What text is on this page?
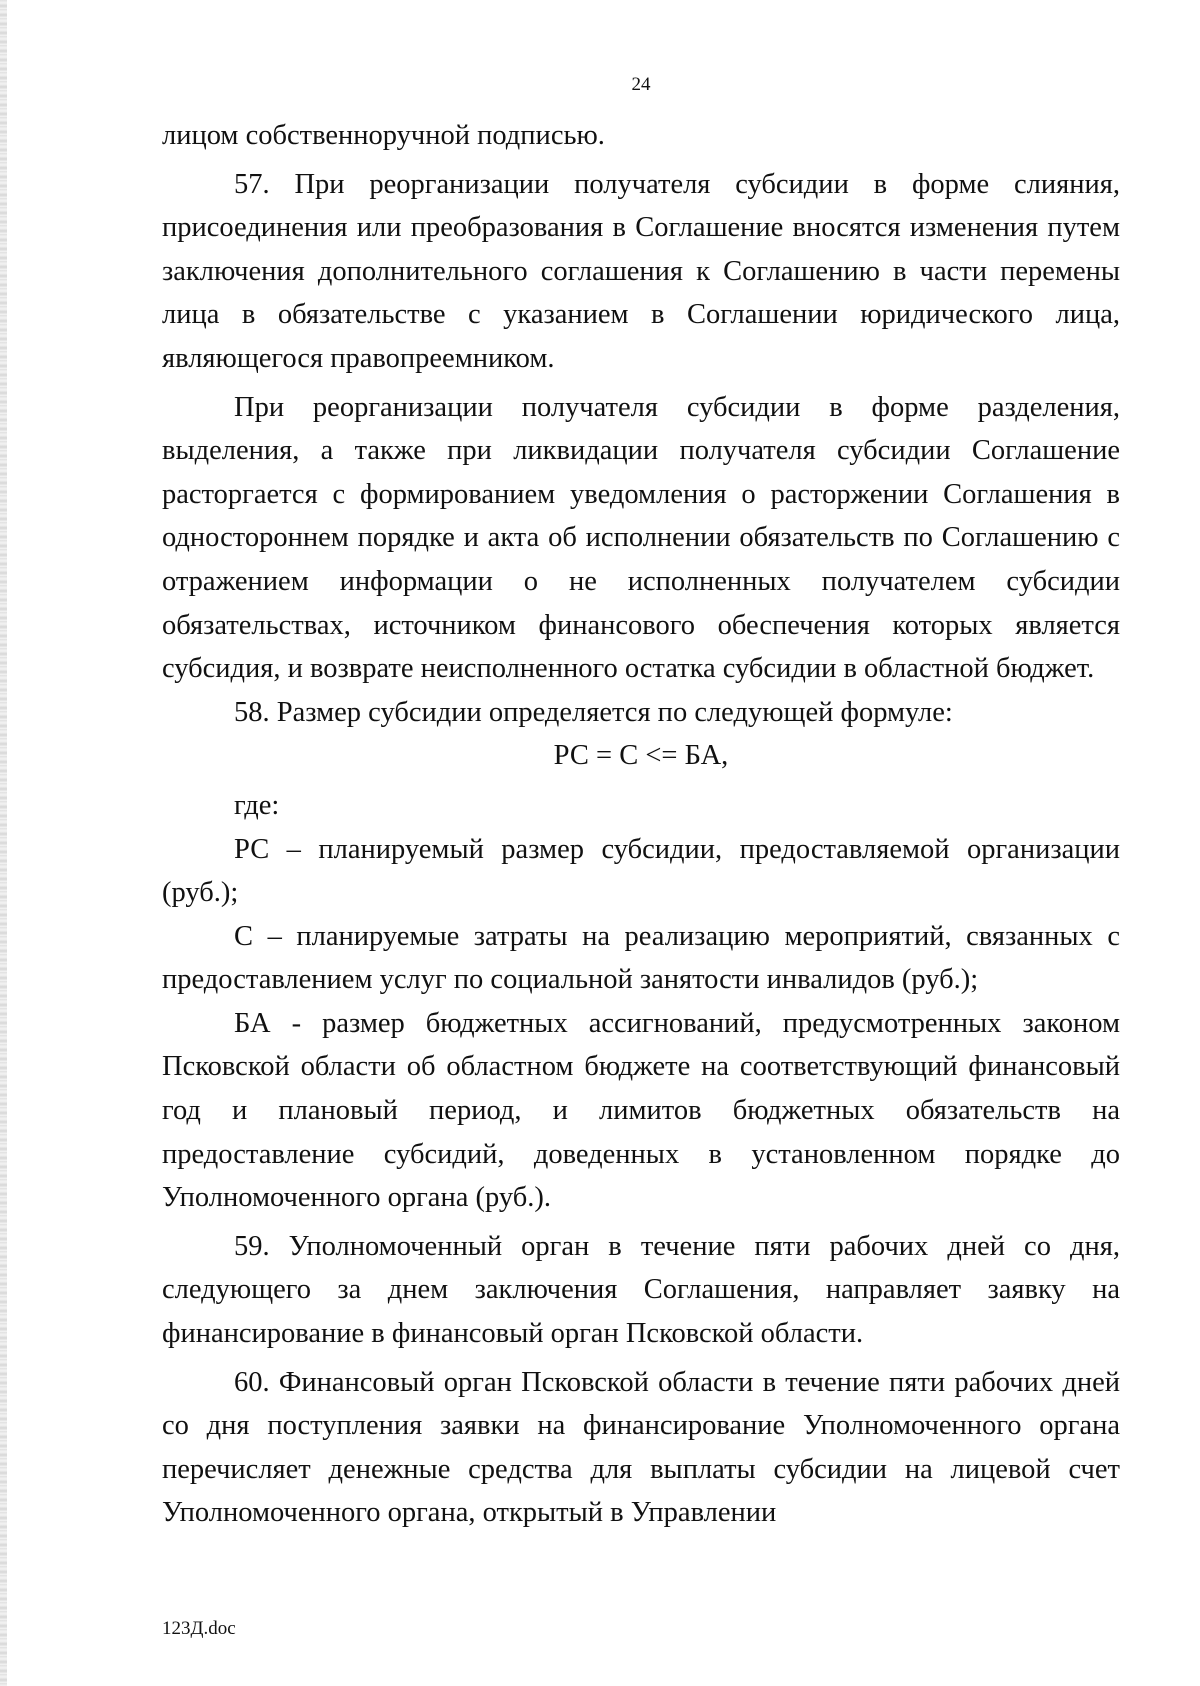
24

лицом собственноручной подписью.

57. При реорганизации получателя субсидии в форме слияния, присоединения или преобразования в Соглашение вносятся изменения путем заключения дополнительного соглашения к Соглашению в части перемены лица в обязательстве с указанием в Соглашении юридического лица, являющегося правопреемником.

При реорганизации получателя субсидии в форме разделения, выделения, а также при ликвидации получателя субсидии Соглашение расторгается с формированием уведомления о расторжении Соглашения в одностороннем порядке и акта об исполнении обязательств по Соглашению с отражением информации о не исполненных получателем субсидии обязательствах, источником финансового обеспечения которых является субсидия, и возврате неисполненного остатка субсидии в областной бюджет.

58. Размер субсидии определяется по следующей формуле:

РС = С <= БА,

где:

РС – планируемый размер субсидии, предоставляемой организации (руб.);

С – планируемые затраты на реализацию мероприятий, связанных с предоставлением услуг по социальной занятости инвалидов (руб.);

БА - размер бюджетных ассигнований, предусмотренных законом Псковской области об областном бюджете на соответствующий финансовый год и плановый период, и лимитов бюджетных обязательств на предоставление субсидий, доведенных в установленном порядке до Уполномоченного органа (руб.).

59. Уполномоченный орган в течение пяти рабочих дней со дня, следующего за днем заключения Соглашения, направляет заявку на финансирование в финансовый орган Псковской области.

60. Финансовый орган Псковской области в течение пяти рабочих дней со дня поступления заявки на финансирование Уполномоченного органа перечисляет денежные средства для выплаты субсидии на лицевой счет Уполномоченного органа, открытый в Управлении

123Д.doc
